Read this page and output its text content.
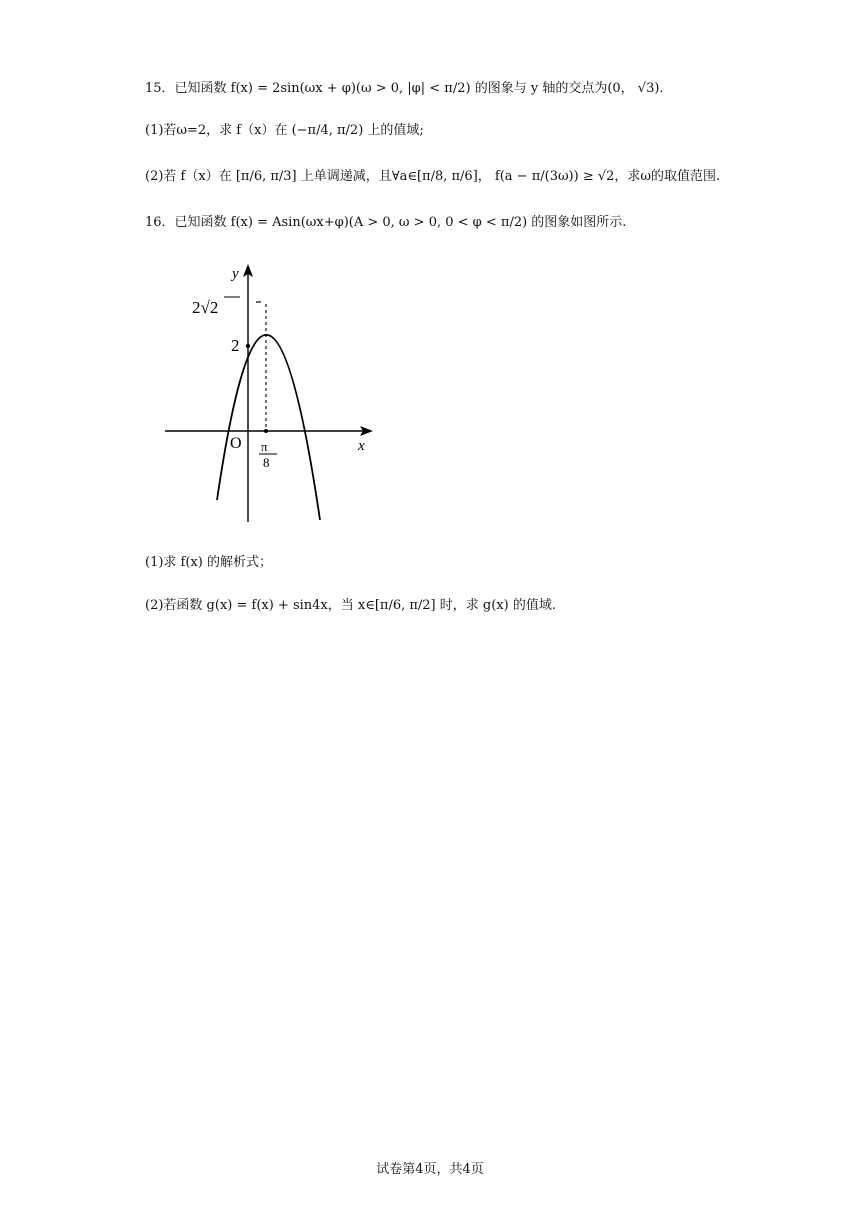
15．已知函数 f(x) = 2sin(ωx + φ)(ω > 0, |φ| < π/2) 的图象与 y 轴的交点为(0， √3)．
(1)若ω=2，求 f（x）在 (−π/4, π/2) 上的值域;
(2)若 f（x）在 [π/6, π/3] 上单调递减，且∀a∈[π/8, π/6]， f(a − π/(3ω)) ≥ √2，求ω的取值范围.
16．已知函数 f(x) = Asin(ωx+φ)(A > 0, ω > 0, 0 < φ < π/2) 的图象如图所示.
y
x
O
2√2
2
π
8
(1)求 f(x) 的解析式；
(2)若函数 g(x) = f(x) + sin4x，当 x∈[π/6, π/2] 时，求 g(x) 的值域.
试卷第4页，共4页
